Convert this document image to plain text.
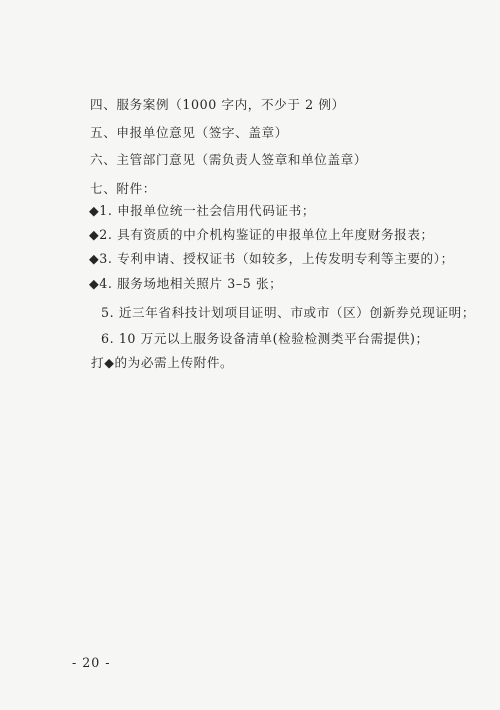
四、服务案例（1000 字内，不少于 2 例）
五、申报单位意见（签字、盖章）
六、主管部门意见（需负责人签章和单位盖章）
七、附件：
◆1. 申报单位统一社会信用代码证书；
◆2. 具有资质的中介机构鉴证的申报单位上年度财务报表；
◆3. 专利申请、授权证书（如较多，上传发明专利等主要的）；
◆4. 服务场地相关照片 3–5 张；
5. 近三年省科技计划项目证明、市或市（区）创新券兑现证明；
6. 10 万元以上服务设备清单(检验检测类平台需提供)；
打◆的为必需上传附件。
- 20 -
